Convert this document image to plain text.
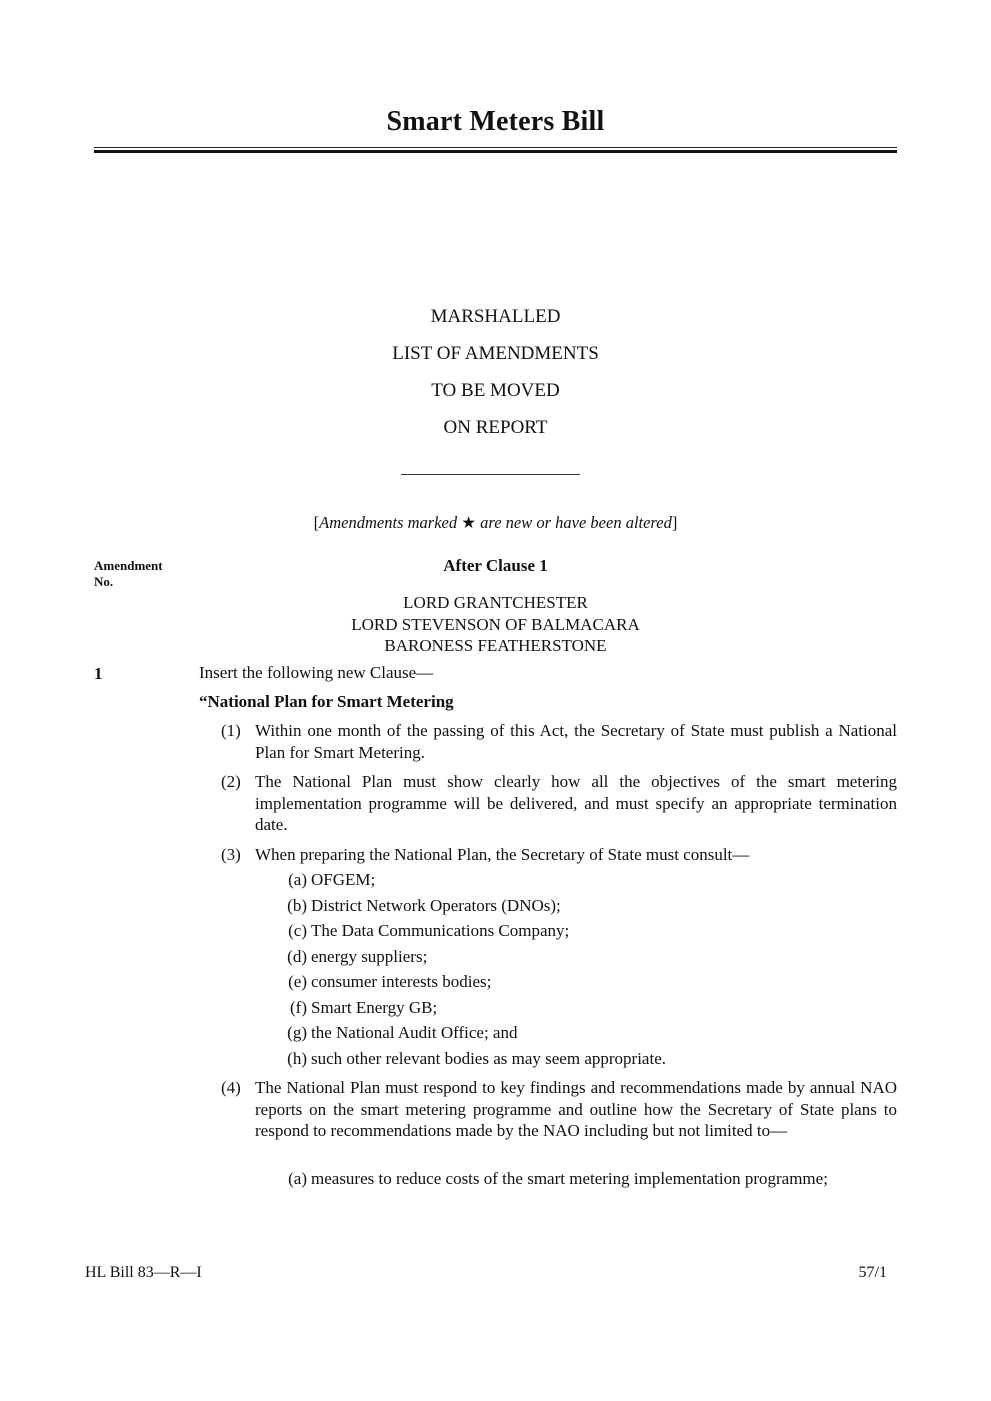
Smart Meters Bill
MARSHALLED
LIST OF AMENDMENTS
TO BE MOVED
ON REPORT
[Amendments marked ★ are new or have been altered]
Amendment
No.
After Clause 1
LORD GRANTCHESTER
LORD STEVENSON OF BALMACARA
BARONESS FEATHERSTONE
1	Insert the following new Clause—
“National Plan for Smart Metering
(1) Within one month of the passing of this Act, the Secretary of State must publish a National Plan for Smart Metering.
(2) The National Plan must show clearly how all the objectives of the smart metering implementation programme will be delivered, and must specify an appropriate termination date.
(3) When preparing the National Plan, the Secretary of State must consult—
(a) OFGEM;
(b) District Network Operators (DNOs);
(c) The Data Communications Company;
(d) energy suppliers;
(e) consumer interests bodies;
(f) Smart Energy GB;
(g) the National Audit Office; and
(h) such other relevant bodies as may seem appropriate.
(4) The National Plan must respond to key findings and recommendations made by annual NAO reports on the smart metering programme and outline how the Secretary of State plans to respond to recommendations made by the NAO including but not limited to—
(a) measures to reduce costs of the smart metering implementation programme;
HL Bill 83—R—I	57/1
